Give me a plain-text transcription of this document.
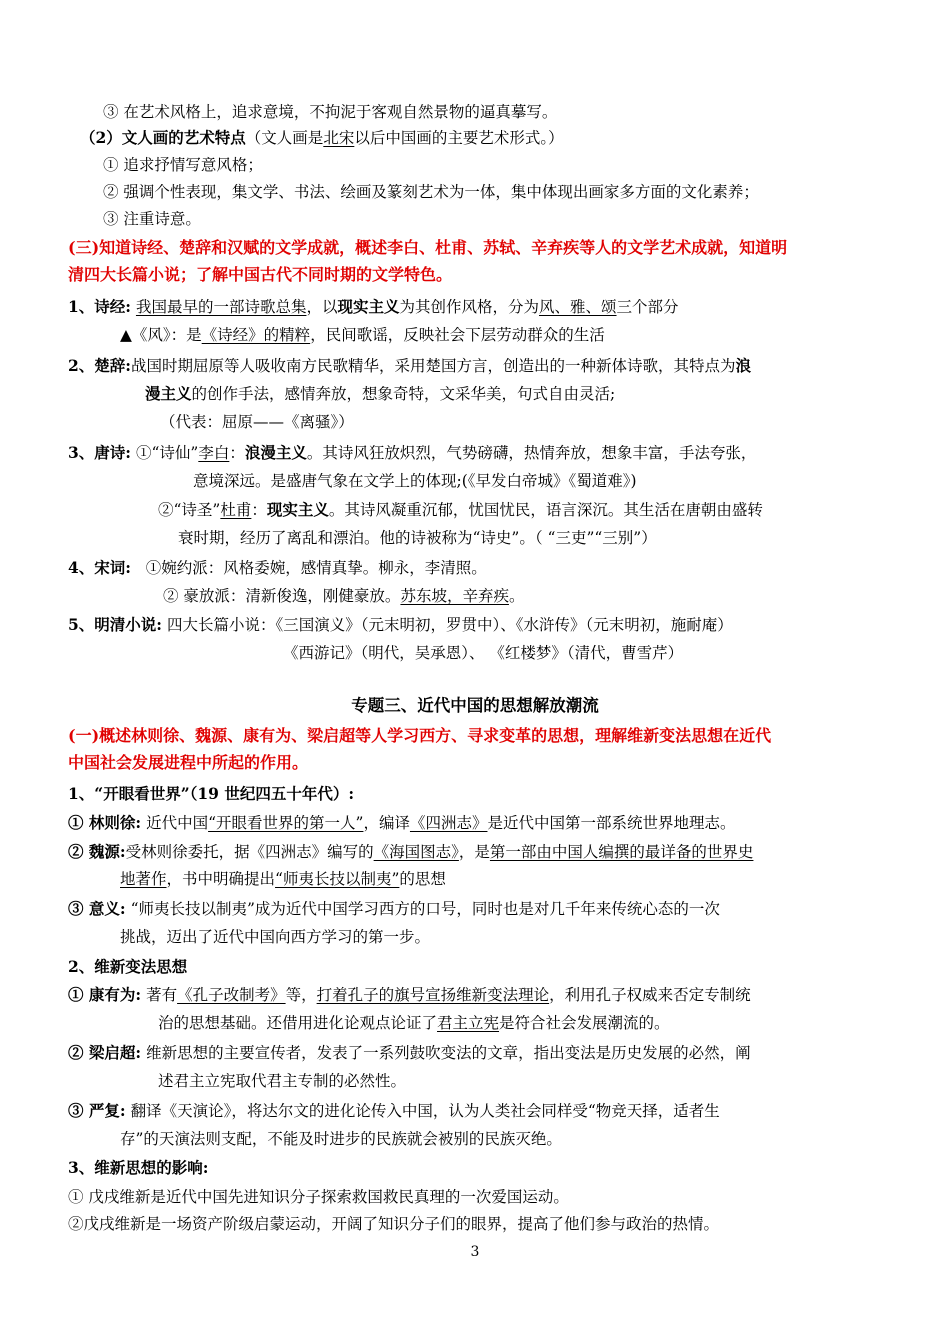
③ 在艺术风格上，追求意境，不拘泥于客观自然景物的逼真摹写。
（2）文人画的艺术特点（文人画是北宋以后中国画的主要艺术形式。）
① 追求抒情写意风格；
② 强调个性表现，集文学、书法、绘画及篆刻艺术为一体，集中体现出画家多方面的文化素养；
③ 注重诗意。
(三)知道诗经、楚辞和汉赋的文学成就，概述李白、杜甫、苏轼、辛弃疾等人的文学艺术成就，知道明
清四大长篇小说；了解中国古代不同时期的文学特色。
1、诗经: 我国最早的一部诗歌总集，以现实主义为其创作风格，分为风、雅、颂三个部分
▲《风》：是《诗经》的精粹，民间歌谣，反映社会下层劳动群众的生活
2、楚辞:战国时期屈原等人吸收南方民歌精华，采用楚国方言，创造出的一种新体诗歌，其特点为浪
漫主义的创作手法，感情奔放，想象奇特，文采华美，句式自由灵活;
（代表：屈原——《离骚》）
3、唐诗: ①“诗仙”李白：浪漫主义。其诗风狂放炽烈，气势磅礴，热情奔放，想象丰富，手法夸张，
意境深远。是盛唐气象在文学上的体现;(《早发白帝城》《蜀道难》)
②“诗圣”杜甫：现实主义。其诗风凝重沉郁，忧国忧民，语言深沉。其生活在唐朝由盛转
衰时期，经历了离乱和漂泊。他的诗被称为“诗史”。（ “三吏”“三别”）
4、宋词: ①婉约派：风格委婉，感情真挚。柳永，李清照。
② 豪放派：清新俊逸，刚健豪放。苏东坡，辛弃疾。
5、明清小说: 四大长篇小说：《三国演义》（元末明初，罗贯中）、《水浒传》（元末明初，施耐庵）
《西游记》（明代，吴承恩）、 《红楼梦》（清代，曹雪芹）
专题三、近代中国的思想解放潮流
(一)概述林则徐、魏源、康有为、梁启超等人学习西方、寻求变革的思想，理解维新变法思想在近代
中国社会发展进程中所起的作用。
1、“开眼看世界”（19 世纪四五十年代）:
① 林则徐: 近代中国“开眼看世界的第一人”，编译《四洲志》是近代中国第一部系统世界地理志。
② 魏源:受林则徐委托，据《四洲志》编写的《海国图志》，是第一部由中国人编撰的最详备的世界史
地著作，书中明确提出“师夷长技以制夷”的思想
③ 意义: “师夷长技以制夷”成为近代中国学习西方的口号，同时也是对几千年来传统心态的一次
挑战，迈出了近代中国向西方学习的第一步。
2、维新变法思想
① 康有为: 著有《孔子改制考》等，打着孔子的旗号宣扬维新变法理论，利用孔子权威来否定专制统
治的思想基础。还借用进化论观点论证了君主立宪是符合社会发展潮流的。
② 梁启超: 维新思想的主要宣传者，发表了一系列鼓吹变法的文章，指出变法是历史发展的必然，阐
述君主立宪取代君主专制的必然性。
③ 严复: 翻译《天演论》，将达尔文的进化论传入中国，认为人类社会同样受“物竞天择，适者生
存”的天演法则支配，不能及时进步的民族就会被别的民族灭绝。
3、维新思想的影响:
① 戊戌维新是近代中国先进知识分子探索救国救民真理的一次爱国运动。
②戊戌维新是一场资产阶级启蒙运动，开阔了知识分子们的眼界，提高了他们参与政治的热情。
3
